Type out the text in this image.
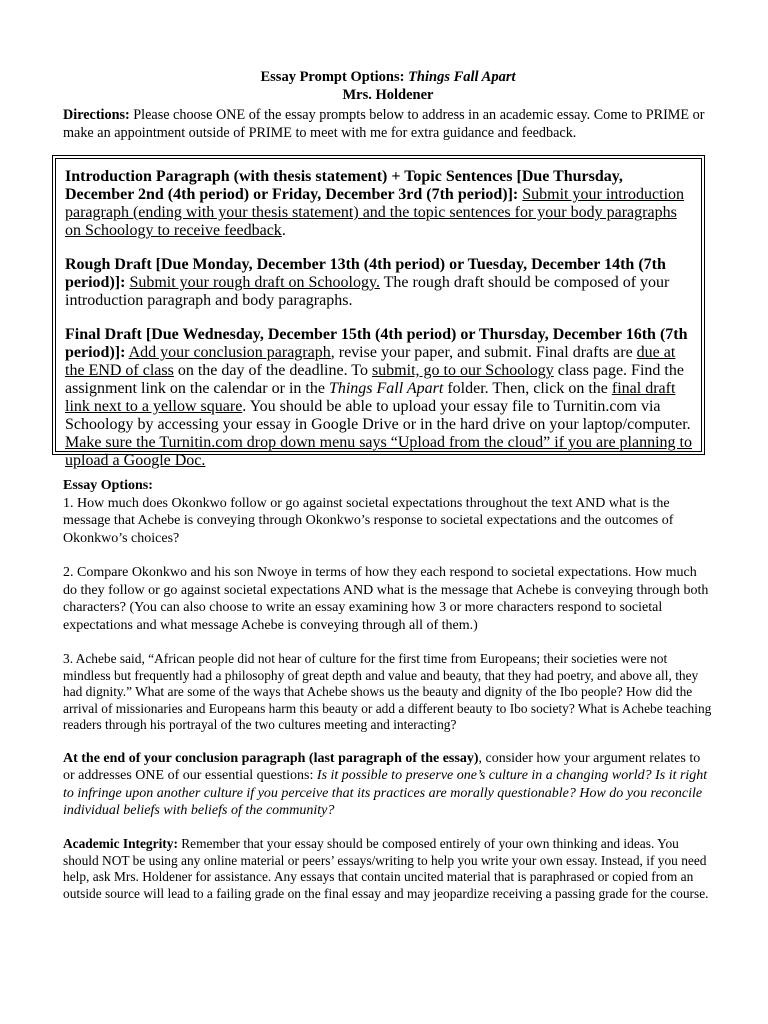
Essay Prompt Options: Things Fall Apart
Mrs. Holdener
Directions: Please choose ONE of the essay prompts below to address in an academic essay. Come to PRIME or make an appointment outside of PRIME to meet with me for extra guidance and feedback.

Introduction Paragraph (with thesis statement) + Topic Sentences [Due Thursday, December 2nd (4th period) or Friday, December 3rd (7th period)]: Submit your introduction paragraph (ending with your thesis statement) and the topic sentences for your body paragraphs on Schoology to receive feedback.

Rough Draft [Due Monday, December 13th (4th period) or Tuesday, December 14th (7th period)]: Submit your rough draft on Schoology. The rough draft should be composed of your introduction paragraph and body paragraphs.

Final Draft [Due Wednesday, December 15th (4th period) or Thursday, December 16th (7th period)]: Add your conclusion paragraph, revise your paper, and submit. Final drafts are due at the END of class on the day of the deadline. To submit, go to our Schoology class page. Find the assignment link on the calendar or in the Things Fall Apart folder. Then, click on the final draft link next to a yellow square. You should be able to upload your essay file to Turnitin.com via Schoology by accessing your essay in Google Drive or in the hard drive on your laptop/computer. Make sure the Turnitin.com drop down menu says “Upload from the cloud” if you are planning to upload a Google Doc.

Essay Options:

1. How much does Okonkwo follow or go against societal expectations throughout the text AND what is the message that Achebe is conveying through Okonkwo’s response to societal expectations and the outcomes of Okonkwo’s choices?

2. Compare Okonkwo and his son Nwoye in terms of how they each respond to societal expectations. How much do they follow or go against societal expectations AND what is the message that Achebe is conveying through both characters? (You can also choose to write an essay examining how 3 or more characters respond to societal expectations and what message Achebe is conveying through all of them.)

3. Achebe said, “African people did not hear of culture for the first time from Europeans; their societies were not mindless but frequently had a philosophy of great depth and value and beauty, that they had poetry, and above all, they had dignity.” What are some of the ways that Achebe shows us the beauty and dignity of the Ibo people? How did the arrival of missionaries and Europeans harm this beauty or add a different beauty to Ibo society? What is Achebe teaching readers through his portrayal of the two cultures meeting and interacting?

At the end of your conclusion paragraph (last paragraph of the essay), consider how your argument relates to or addresses ONE of our essential questions: Is it possible to preserve one’s culture in a changing world? Is it right to infringe upon another culture if you perceive that its practices are morally questionable? How do you reconcile individual beliefs with beliefs of the community?

Academic Integrity: Remember that your essay should be composed entirely of your own thinking and ideas. You should NOT be using any online material or peers’ essays/writing to help you write your own essay. Instead, if you need help, ask Mrs. Holdener for assistance. Any essays that contain uncited material that is paraphrased or copied from an outside source will lead to a failing grade on the final essay and may jeopardize receiving a passing grade for the course.
